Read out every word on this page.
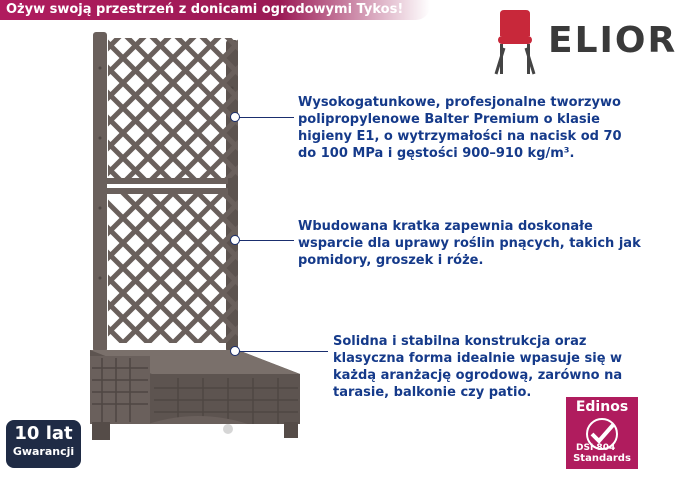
Ożyw swoją przestrzeń z donicami ogrodowymi Tykos!
ELIOR
Wysokogatunkowe, profesjonalne tworzywo polipropylenowe Balter Premium o klasie higieny E1, o wytrzymałości na nacisk od 70 do 100 MPa i gęstości 900–910 kg/m³.
Wbudowana kratka zapewnia doskonałe wsparcie dla uprawy roślin pnących, takich jak pomidory, groszek i róże.
Solidna i stabilna konstrukcja oraz klasyczna forma idealnie wpasuje się w każdą aranżację ogrodową, zarówno na tarasie, balkonie czy patio.
10 lat
Gwarancji
Edinos
DSI 804
Standards
